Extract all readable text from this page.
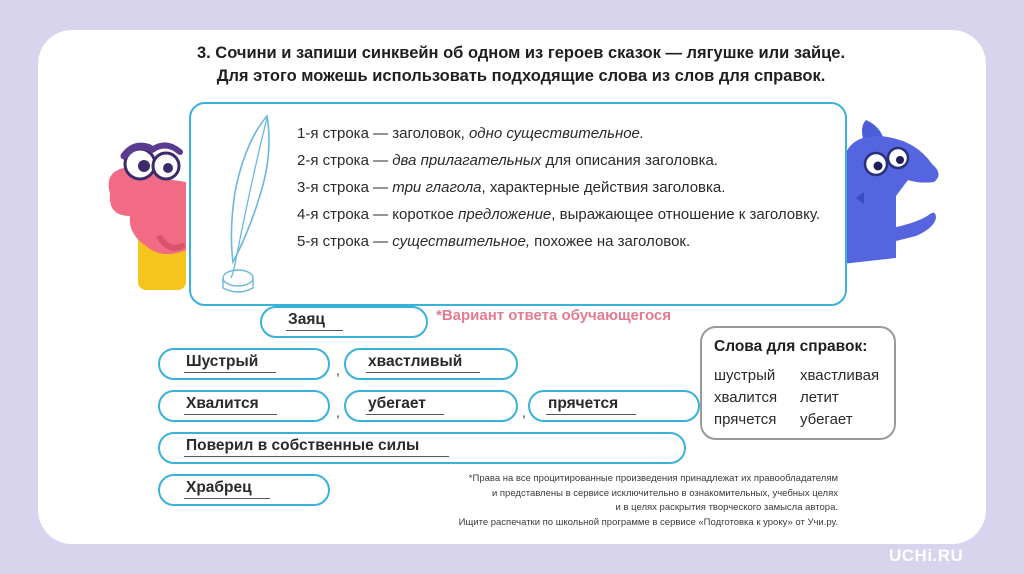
3. Сочини и запиши синквейн об одном из героев сказок — лягушке или зайце.
Для этого можешь использовать подходящие слова из слов для справок.

1-я строка — заголовок, одно существительное.

2-я строка — два прилагательных для описания заголовка.

3-я строка — три глагола, характерные действия заголовка.

4-я строка — короткое предложение, выражающее отношение к заголовку.

5-я строка — существительное, похожее на заголовок.

Заяц	*Вариант ответа обучающегося
Шустрый	, хвастливый
Хвалится	, убегает	, прячется
Поверил в собственные силы
Храбрец
Слова для справок:
шустрый	хвастливая
хвалится	летит
прячется	убегает
*Права на все процитированные произведения принадлежат их правообладателям
и представлены в сервисе исключительно в ознакомительных, учебных целях
и в целях раскрытия творческого замысла автора.
Ищите распечатки по школьной программе в сервисе «Подготовка к уроку» от Учи.ру.
UCHi.RU
